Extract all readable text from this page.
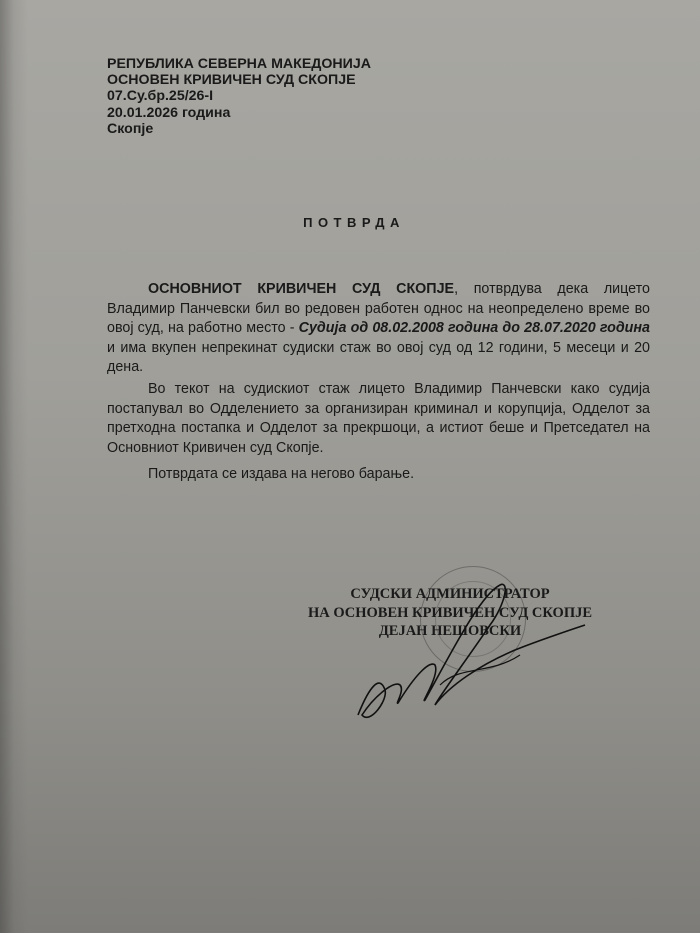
РЕПУБЛИКА СЕВЕРНА МАКЕДОНИЈА
ОСНОВЕН КРИВИЧЕН СУД СКОПЈЕ
07.Су.бр.25/26-I
20.01.2026 година
Скопје
ПОТВРДА
ОСНОВНИОТ КРИВИЧЕН СУД СКОПЈЕ, потврдува дека лицето Владимир Панчевски бил во редовен работен однос на неопределено време во овој суд, на работно место - Судија од 08.02.2008 година до 28.07.2020 година и има вкупен непрекинат судиски стаж во овој суд од 12 години, 5 месеци и 20 дена.
Во текот на судискиот стаж лицето Владимир Панчевски како судија постапувал во Одделението за организиран криминал и корупција, Одделот за претходна постапка и Одделот за прекршоци, а истиот беше и Претседател на Основниот Кривичен суд Скопје.
Потврдата се издава на негово барање.
СУДСКИ АДМИНИСТРАТОР
НА ОСНОВЕН КРИВИЧЕН СУД СКОПЈЕ
ДЕЈАН НЕШОВСКИ
